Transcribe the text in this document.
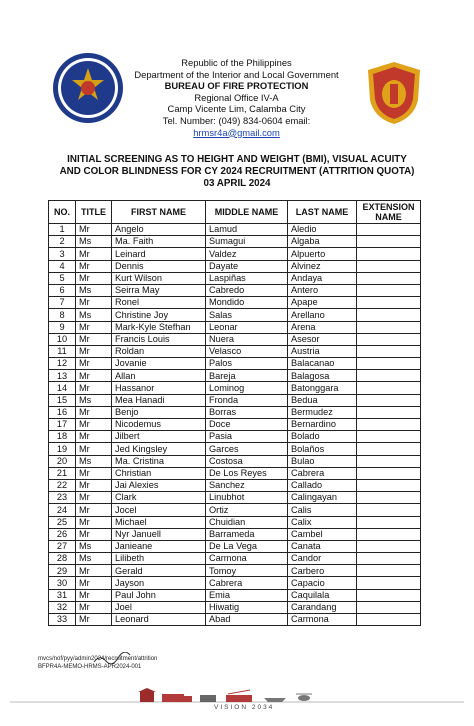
Republic of the Philippines
Department of the Interior and Local Government
BUREAU OF FIRE PROTECTION
Regional Office IV-A
Camp Vicente Lim, Calamba City
Tel. Number: (049) 834-0604 email: hrmsr4a@gmail.com
INITIAL SCREENING AS TO HEIGHT AND WEIGHT (BMI), VISUAL ACUITY
AND COLOR BLINDNESS FOR CY 2024 RECRUITMENT (ATTRITION QUOTA)
03 APRIL 2024
NO.	TITLE	FIRST NAME	MIDDLE NAME	LAST NAME	EXTENSION NAME
1	Mr	Angelo	Lamud	Aledio	
2	Ms	Ma. Faith	Sumagui	Algaba	
3	Mr	Leinard	Valdez	Alpuerto	
4	Mr	Dennis	Dayate	Alvinez	
5	Mr	Kurt Wilson	Laspiñas	Andaya	
6	Ms	Seirra May	Cabredo	Antero	
7	Mr	Ronel	Mondido	Apape	
8	Ms	Christine Joy	Salas	Arellano	
9	Mr	Mark-Kyle Stefhan	Leonar	Arena	
10	Mr	Francis Louis	Nuera	Asesor	
11	Mr	Roldan	Velasco	Austria	
12	Mr	Jovanie	Palos	Balacanao	
13	Mr	Allan	Bareja	Balagosa	
14	Mr	Hassanor	Lominog	Batonggara	
15	Ms	Mea Hanadi	Fronda	Bedua	
16	Mr	Benjo	Borras	Bermudez	
17	Mr	Nicodemus	Doce	Bernardino	
18	Mr	Jilbert	Pasia	Bolado	
19	Mr	Jed Kingsley	Garces	Bolaños	
20	Ms	Ma. Cristina	Costosa	Bulao	
21	Mr	Christian	De Los Reyes	Cabrera	
22	Mr	Jai Alexies	Sanchez	Callado	
23	Mr	Clark	Linubhot	Calingayan	
24	Mr	Jocel	Ortiz	Calis	
25	Mr	Michael	Chuidian	Calix	
26	Mr	Nyr Januell	Barrameda	Cambel	
27	Ms	Janieane	De La Vega	Canata	
28	Ms	Lilibeth	Carmona	Candor	
29	Mr	Gerald	Tomoy	Carbero	
30	Mr	Jayson	Cabrera	Capacio	
31	Mr	Paul John	Emia	Caquilala	
32	Mr	Joel	Hiwatig	Carandang	
33	Mr	Leonard	Abad	Carmona	
mvcs/nof/pyy/admin2024/recruitment/attrition
BFPR4A-MEMO-HRMS-APR2024-001
VISION 2034
